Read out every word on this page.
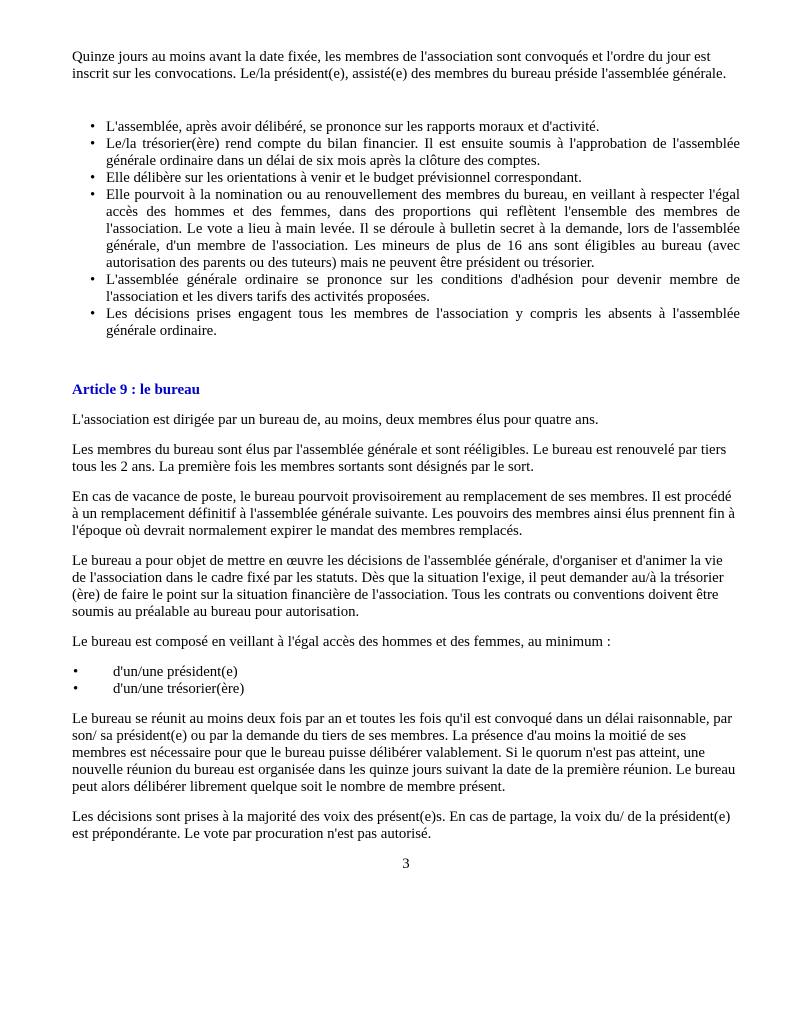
Quinze jours au moins avant la date fixée, les membres de l'association sont convoqués et l'ordre du jour est inscrit sur les convocations. Le/la président(e), assisté(e) des membres du bureau préside l'assemblée générale.

• L'assemblée, après avoir délibéré, se prononce sur les rapports moraux et d'activité.
• Le/la trésorier(ère) rend compte du bilan financier. Il est ensuite soumis à l'approbation de l'assemblée générale ordinaire dans un délai de six mois après la clôture des comptes.
• Elle délibère sur les orientations à venir et le budget prévisionnel correspondant.
• Elle pourvoit à la nomination ou au renouvellement des membres du bureau, en veillant à respecter l'égal accès des hommes et des femmes, dans des proportions qui reflètent l'ensemble des membres de l'association. Le vote a lieu à main levée. Il se déroule à bulletin secret à la demande, lors de l'assemblée générale, d'un membre de l'association. Les mineurs de plus de 16 ans sont éligibles au bureau (avec autorisation des parents ou des tuteurs) mais ne peuvent être président ou trésorier.
• L'assemblée générale ordinaire se prononce sur les conditions d'adhésion pour devenir membre de l'association et les divers tarifs des activités proposées.
• Les décisions prises engagent tous les membres de l'association y compris les absents à l'assemblée générale ordinaire.
Article 9 : le bureau

L'association est dirigée par un bureau de, au moins, deux membres élus pour quatre ans.

Les membres du bureau sont élus par l'assemblée générale et sont rééligibles. Le bureau est renouvelé par tiers tous les 2 ans. La première fois les membres sortants sont désignés par le sort.

En cas de vacance de poste, le bureau pourvoit provisoirement au remplacement de ses membres. Il est procédé à un remplacement définitif à l'assemblée générale suivante. Les pouvoirs des membres ainsi élus prennent fin à l'époque où devrait normalement expirer le mandat des membres remplacés.

Le bureau a pour objet de mettre en œuvre les décisions de l'assemblée générale, d'organiser et d'animer la vie de l'association dans le cadre fixé par les statuts. Dès que la situation l'exige, il peut demander au/à la trésorier (ère) de faire le point sur la situation financière de l'association. Tous les contrats ou conventions doivent être soumis au préalable au bureau pour autorisation.

Le bureau est composé en veillant à l'égal accès des hommes et des femmes, au minimum :

• d'un/une président(e)
• d'un/une trésorier(ère)

Le bureau se réunit au moins deux fois par an et toutes les fois qu'il est convoqué dans un délai raisonnable, par son/ sa président(e) ou par la demande du tiers de ses membres. La présence d'au moins la moitié de ses membres est nécessaire pour que le bureau puisse délibérer valablement. Si le quorum n'est pas atteint, une nouvelle réunion du bureau est organisée dans les quinze jours suivant la date de la première réunion. Le bureau peut alors délibérer librement quelque soit le nombre de membre présent.

Les décisions sont prises à la majorité des voix des présent(e)s. En cas de partage, la voix du/ de la président(e) est prépondérante. Le vote par procuration n'est pas autorisé.

3
